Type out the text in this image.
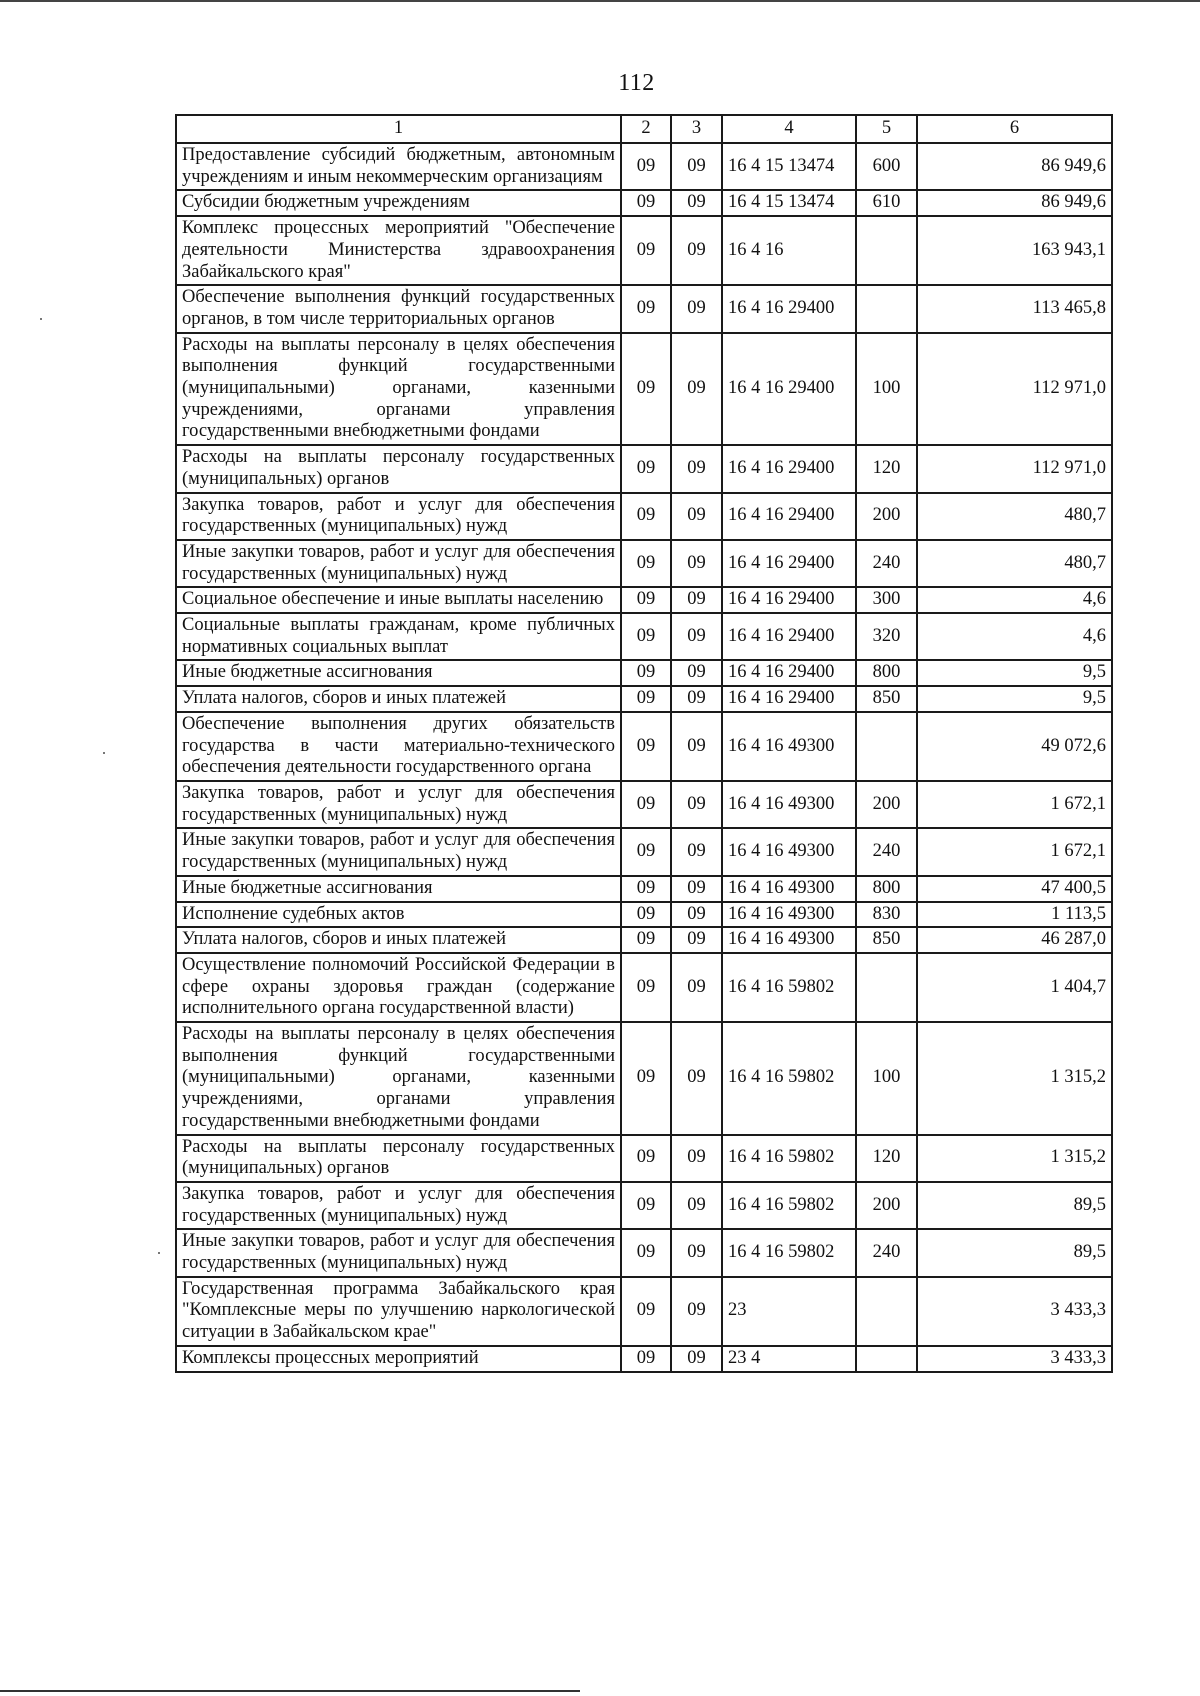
112
1	2	3	4	5	6
Предоставление субсидий бюджетным, автономным учреждениям и иным некоммерческим организациям	09	09	16 4 15 13474	600	86 949,6
Субсидии бюджетным учреждениям	09	09	16 4 15 13474	610	86 949,6
Комплекс процессных мероприятий "Обеспечение деятельности Министерства здравоохранения Забайкальского края"	09	09	16 4 16		163 943,1
Обеспечение выполнения функций государственных органов, в том числе территориальных органов	09	09	16 4 16 29400		113 465,8
Расходы на выплаты персоналу в целях обеспечения выполнения функций государственными (муниципальными) органами, казенными учреждениями, органами управления государственными внебюджетными фондами	09	09	16 4 16 29400	100	112 971,0
Расходы на выплаты персоналу государственных (муниципальных) органов	09	09	16 4 16 29400	120	112 971,0
Закупка товаров, работ и услуг для обеспечения государственных (муниципальных) нужд	09	09	16 4 16 29400	200	480,7
Иные закупки товаров, работ и услуг для обеспечения государственных (муниципальных) нужд	09	09	16 4 16 29400	240	480,7
Социальное обеспечение и иные выплаты населению	09	09	16 4 16 29400	300	4,6
Социальные выплаты гражданам, кроме публичных нормативных социальных выплат	09	09	16 4 16 29400	320	4,6
Иные бюджетные ассигнования	09	09	16 4 16 29400	800	9,5
Уплата налогов, сборов и иных платежей	09	09	16 4 16 29400	850	9,5
Обеспечение выполнения других обязательств государства в части материально-технического обеспечения деятельности государственного органа	09	09	16 4 16 49300		49 072,6
Закупка товаров, работ и услуг для обеспечения государственных (муниципальных) нужд	09	09	16 4 16 49300	200	1 672,1
Иные закупки товаров, работ и услуг для обеспечения государственных (муниципальных) нужд	09	09	16 4 16 49300	240	1 672,1
Иные бюджетные ассигнования	09	09	16 4 16 49300	800	47 400,5
Исполнение судебных актов	09	09	16 4 16 49300	830	1 113,5
Уплата налогов, сборов и иных платежей	09	09	16 4 16 49300	850	46 287,0
Осуществление полномочий Российской Федерации в сфере охраны здоровья граждан (содержание исполнительного органа государственной власти)	09	09	16 4 16 59802		1 404,7
Расходы на выплаты персоналу в целях обеспечения выполнения функций государственными (муниципальными) органами, казенными учреждениями, органами управления государственными внебюджетными фондами	09	09	16 4 16 59802	100	1 315,2
Расходы на выплаты персоналу государственных (муниципальных) органов	09	09	16 4 16 59802	120	1 315,2
Закупка товаров, работ и услуг для обеспечения государственных (муниципальных) нужд	09	09	16 4 16 59802	200	89,5
Иные закупки товаров, работ и услуг для обеспечения государственных (муниципальных) нужд	09	09	16 4 16 59802	240	89,5
Государственная программа Забайкальского края "Комплексные меры по улучшению наркологической ситуации в Забайкальском крае"	09	09	23		3 433,3
Комплексы процессных мероприятий	09	09	23 4		3 433,3
